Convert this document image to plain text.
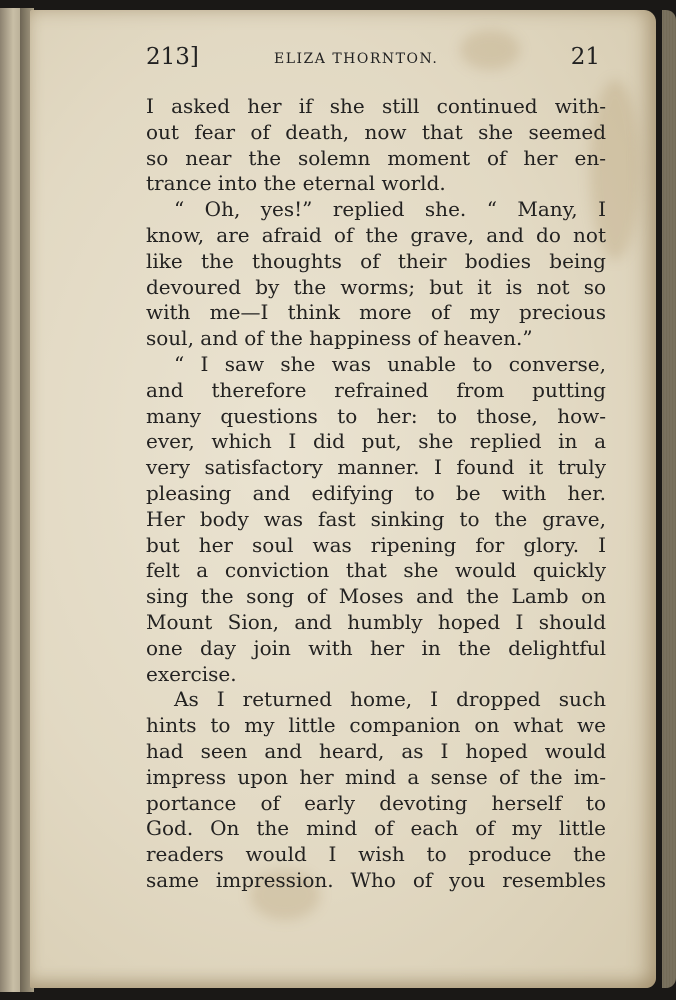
213]	ELIZA THORNTON.	21
I asked her if she still continued with-
out fear of death, now that she seemed
so near the solemn moment of her en-
trance into the eternal world.
“ Oh, yes!” replied she. “ Many, I
know, are afraid of the grave, and do not
like the thoughts of their bodies being
devoured by the worms; but it is not so
with me—I think more of my precious
soul, and of the happiness of heaven.”
“ I saw she was unable to converse,
and therefore refrained from putting
many questions to her: to those, how-
ever, which I did put, she replied in a
very satisfactory manner. I found it truly
pleasing and edifying to be with her.
Her body was fast sinking to the grave,
but her soul was ripening for glory. I
felt a conviction that she would quickly
sing the song of Moses and the Lamb on
Mount Sion, and humbly hoped I should
one day join with her in the delightful
exercise.
As I returned home, I dropped such
hints to my little companion on what we
had seen and heard, as I hoped would
impress upon her mind a sense of the im-
portance of early devoting herself to
God. On the mind of each of my little
readers would I wish to produce the
same impression. Who of you resembles
